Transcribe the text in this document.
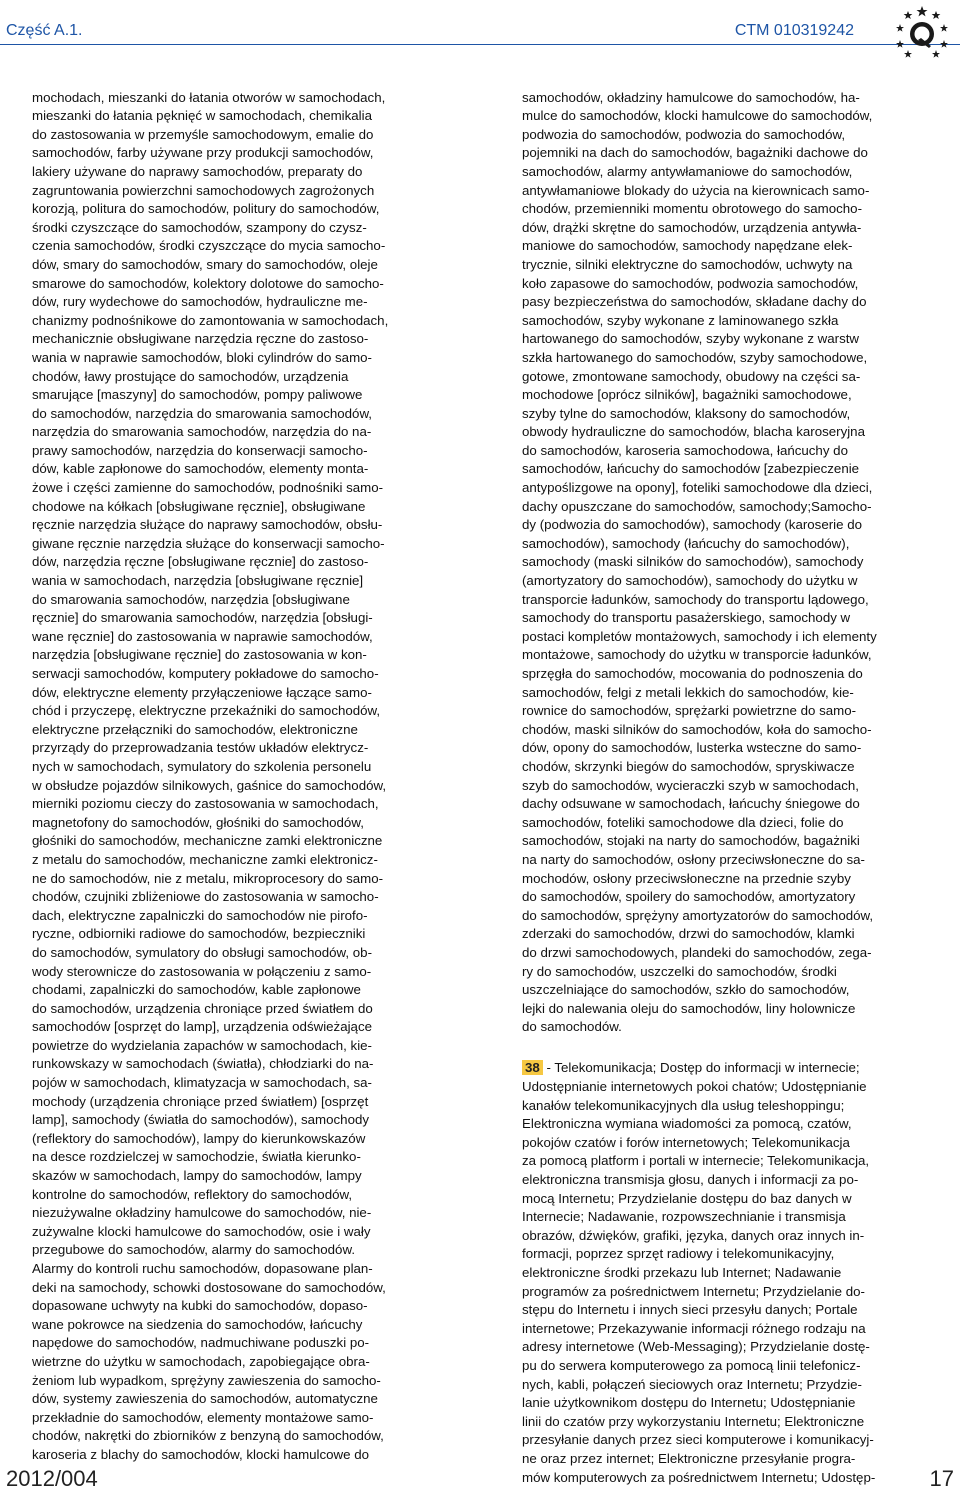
Część A.1.	CTM 010319242

mochodach, mieszanki do łatania otworów w samochodach,
mieszanki do łatania pęknięć w samochodach, chemikalia
do zastosowania w przemyśle samochodowym, emalie do
samochodów, farby używane przy produkcji samochodów,
lakiery używane do naprawy samochodów, preparaty do
zagruntowania powierzchni samochodowych zagrożonych
korozją, politura do samochodów, politury do samochodów,
środki czyszczące do samochodów, szampony do czysz-
czenia samochodów, środki czyszczące do mycia samocho-
dów, smary do samochodów, smary do samochodów, oleje
smarowe do samochodów, kolektory dolotowe do samocho-
dów, rury wydechowe do samochodów, hydrauliczne me-
chanizmy podnośnikowe do zamontowania w samochodach,
mechanicznie obsługiwane narzędzia ręczne do zastoso-
wania w naprawie samochodów, bloki cylindrów do samo-
chodów, ławy prostujące do samochodów, urządzenia
smarujące [maszyny] do samochodów, pompy paliwowe
do samochodów, narzędzia do smarowania samochodów,
narzędzia do smarowania samochodów, narzędzia do na-
prawy samochodów, narzędzia do konserwacji samocho-
dów, kable zapłonowe do samochodów, elementy monta-
żowe i części zamienne do samochodów, podnośniki samo-
chodowe na kółkach [obsługiwane ręcznie], obsługiwane
ręcznie narzędzia służące do naprawy samochodów, obsłu-
giwane ręcznie narzędzia służące do konserwacji samocho-
dów, narzędzia ręczne [obsługiwane ręcznie] do zastoso-
wania w samochodach, narzędzia [obsługiwane ręcznie]
do smarowania samochodów, narzędzia [obsługiwane
ręcznie] do smarowania samochodów, narzędzia [obsługi-
wane ręcznie] do zastosowania w naprawie samochodów,
narzędzia [obsługiwane ręcznie] do zastosowania w kon-
serwacji samochodów, komputery pokładowe do samocho-
dów, elektryczne elementy przyłączeniowe łączące samo-
chód i przyczepę, elektryczne przekaźniki do samochodów,
elektryczne przełączniki do samochodów, elektroniczne
przyrządy do przeprowadzania testów układów elektrycz-
nych w samochodach, symulatory do szkolenia personelu
w obsłudze pojazdów silnikowych, gaśnice do samochodów,
mierniki poziomu cieczy do zastosowania w samochodach,
magnetofony do samochodów, głośniki do samochodów,
głośniki do samochodów, mechaniczne zamki elektroniczne
z metalu do samochodów, mechaniczne zamki elektronicz-
ne do samochodów, nie z metalu, mikroprocesory do samo-
chodów, czujniki zbliżeniowe do zastosowania w samocho-
dach, elektryczne zapalniczki do samochodów nie pirofo-
ryczne, odbiorniki radiowe do samochodów, bezpieczniki
do samochodów, symulatory do obsługi samochodów, ob-
wody sterownicze do zastosowania w połączeniu z samo-
chodami, zapalniczki do samochodów, kable zapłonowe
do samochodów, urządzenia chroniące przed światłem do
samochodów [osprzęt do lamp], urządzenia odświeżające
powietrze do wydzielania zapachów w samochodach, kie-
runkowskazy w samochodach (światła), chłodziarki do na-
pojów w samochodach, klimatyzacja w samochodach, sa-
mochody (urządzenia chroniące przed światłem) [osprzęt
lamp], samochody (światła do samochodów), samochody
(reflektory do samochodów), lampy do kierunkowskazów
na desce rozdzielczej w samochodzie, światła kierunko-
skazów w samochodach, lampy do samochodów, lampy
kontrolne do samochodów, reflektory do samochodów,
niezużywalne okładziny hamulcowe do samochodów, nie-
zużywalne klocki hamulcowe do samochodów, osie i wały
przegubowe do samochodów, alarmy do samochodów.
Alarmy do kontroli ruchu samochodów, dopasowane plan-
deki na samochody, schowki dostosowane do samochodów,
dopasowane uchwyty na kubki do samochodów, dopaso-
wane pokrowce na siedzenia do samochodów, łańcuchy
napędowe do samochodów, nadmuchiwane poduszki po-
wietrzne do użytku w samochodach, zapobiegające obra-
żeniom lub wypadkom, sprężyny zawieszenia do samocho-
dów, systemy zawieszenia do samochodów, automatyczne
przekładnie do samochodów, elementy montażowe samo-
chodów, nakrętki do zbiorników z benzyną do samochodów,
karoseria z blachy do samochodów, klocki hamulcowe do

samochodów, okładziny hamulcowe do samochodów, ha-
mulce do samochodów, klocki hamulcowe do samochodów,
podwozia do samochodów, podwozia do samochodów,
pojemniki na dach do samochodów, bagażniki dachowe do
samochodów, alarmy antywłamaniowe do samochodów,
antywłamaniowe blokady do użycia na kierownicach samo-
chodów, przemienniki momentu obrotowego do samocho-
dów, drążki skrętne do samochodów, urządzenia antywła-
maniowe do samochodów, samochody napędzane elek-
trycznie, silniki elektryczne do samochodów, uchwyty na
koło zapasowe do samochodów, podwozia samochodów,
pasy bezpieczeństwa do samochodów, składane dachy do
samochodów, szyby wykonane z laminowanego szkła
hartowanego do samochodów, szyby wykonane z warstw
szkła hartowanego do samochodów, szyby samochodowe,
gotowe, zmontowane samochody, obudowy na części sa-
mochodowe [oprócz silników], bagażniki samochodowe,
szyby tylne do samochodów, klaksony do samochodów,
obwody hydrauliczne do samochodów, blacha karoseryjna
do samochodów, karoseria samochodowa, łańcuchy do
samochodów, łańcuchy do samochodów [zabezpieczenie
antypoślizgowe na opony], foteliki samochodowe dla dzieci,
dachy opuszczane do samochodów, samochody;Samocho-
dy (podwozia do samochodów), samochody (karoserie do
samochodów), samochody (łańcuchy do samochodów),
samochody (maski silników do samochodów), samochody
(amortyzatory do samochodów), samochody do użytku w
transporcie ładunków, samochody do transportu lądowego,
samochody do transportu pasażerskiego, samochody w
postaci kompletów montażowych, samochody i ich elementy
montażowe, samochody do użytku w transporcie ładunków,
sprzęgła do samochodów, mocowania do podnoszenia do
samochodów, felgi z metali lekkich do samochodów, kie-
rownice do samochodów, sprężarki powietrzne do samo-
chodów, maski silników do samochodów, koła do samocho-
dów, opony do samochodów, lusterka wsteczne do samo-
chodów, skrzynki biegów do samochodów, spryskiwacze
szyb do samochodów, wycieraczki szyb w samochodach,
dachy odsuwane w samochodach, łańcuchy śniegowe do
samochodów, foteliki samochodowe dla dzieci, folie do
samochodów, stojaki na narty do samochodów, bagażniki
na narty do samochodów, osłony przeciwsłoneczne do sa-
mochodów, osłony przeciwsłoneczne na przednie szyby
do samochodów, spoilery do samochodów, amortyzatory
do samochodów, sprężyny amortyzatorów do samochodów,
zderzaki do samochodów, drzwi do samochodów, klamki
do drzwi samochodowych, plandeki do samochodów, zega-
ry do samochodów, uszczelki do samochodów, środki
uszczelniające do samochodów, szkło do samochodów,
lejki do nalewania oleju do samochodów, liny holownicze
do samochodów.

38 - Telekomunikacja; Dostęp do informacji w internecie;
Udostępnianie internetowych pokoi chatów; Udostępnianie
kanałów telekomunikacyjnych dla usług teleshoppingu;
Elektroniczna wymiana wiadomości za pomocą, czatów,
pokojów czatów i forów internetowych; Telekomunikacja
za pomocą platform i portali w internecie; Telekomunikacja,
elektroniczna transmisja głosu, danych i informacji za po-
mocą Internetu; Przydzielanie dostępu do baz danych w
Internecie; Nadawanie, rozpowszechnianie i transmisja
obrazów, dźwięków, grafiki, języka, danych oraz innych in-
formacji, poprzez sprzęt radiowy i telekomunikacyjny,
elektroniczne środki przekazu lub Internet; Nadawanie
programów za pośrednictwem Internetu; Przydzielanie do-
stępu do Internetu i innych sieci przesyłu danych; Portale
internetowe; Przekazywanie informacji różnego rodzaju na
adresy internetowe (Web-Messaging); Przydzielanie dostę-
pu do serwera komputerowego za pomocą linii telefonicz-
nych, kabli, połączeń sieciowych oraz Internetu; Przydzie-
lanie użytkownikom dostępu do Internetu; Udostępnianie
linii do czatów przy wykorzystaniu Internetu; Elektroniczne
przesyłanie danych przez sieci komputerowe i komunikacyj-
ne oraz przez internet; Elektroniczne przesyłanie progra-
mów komputerowych za pośrednictwem Internetu; Udostęp-

2012/004	17
